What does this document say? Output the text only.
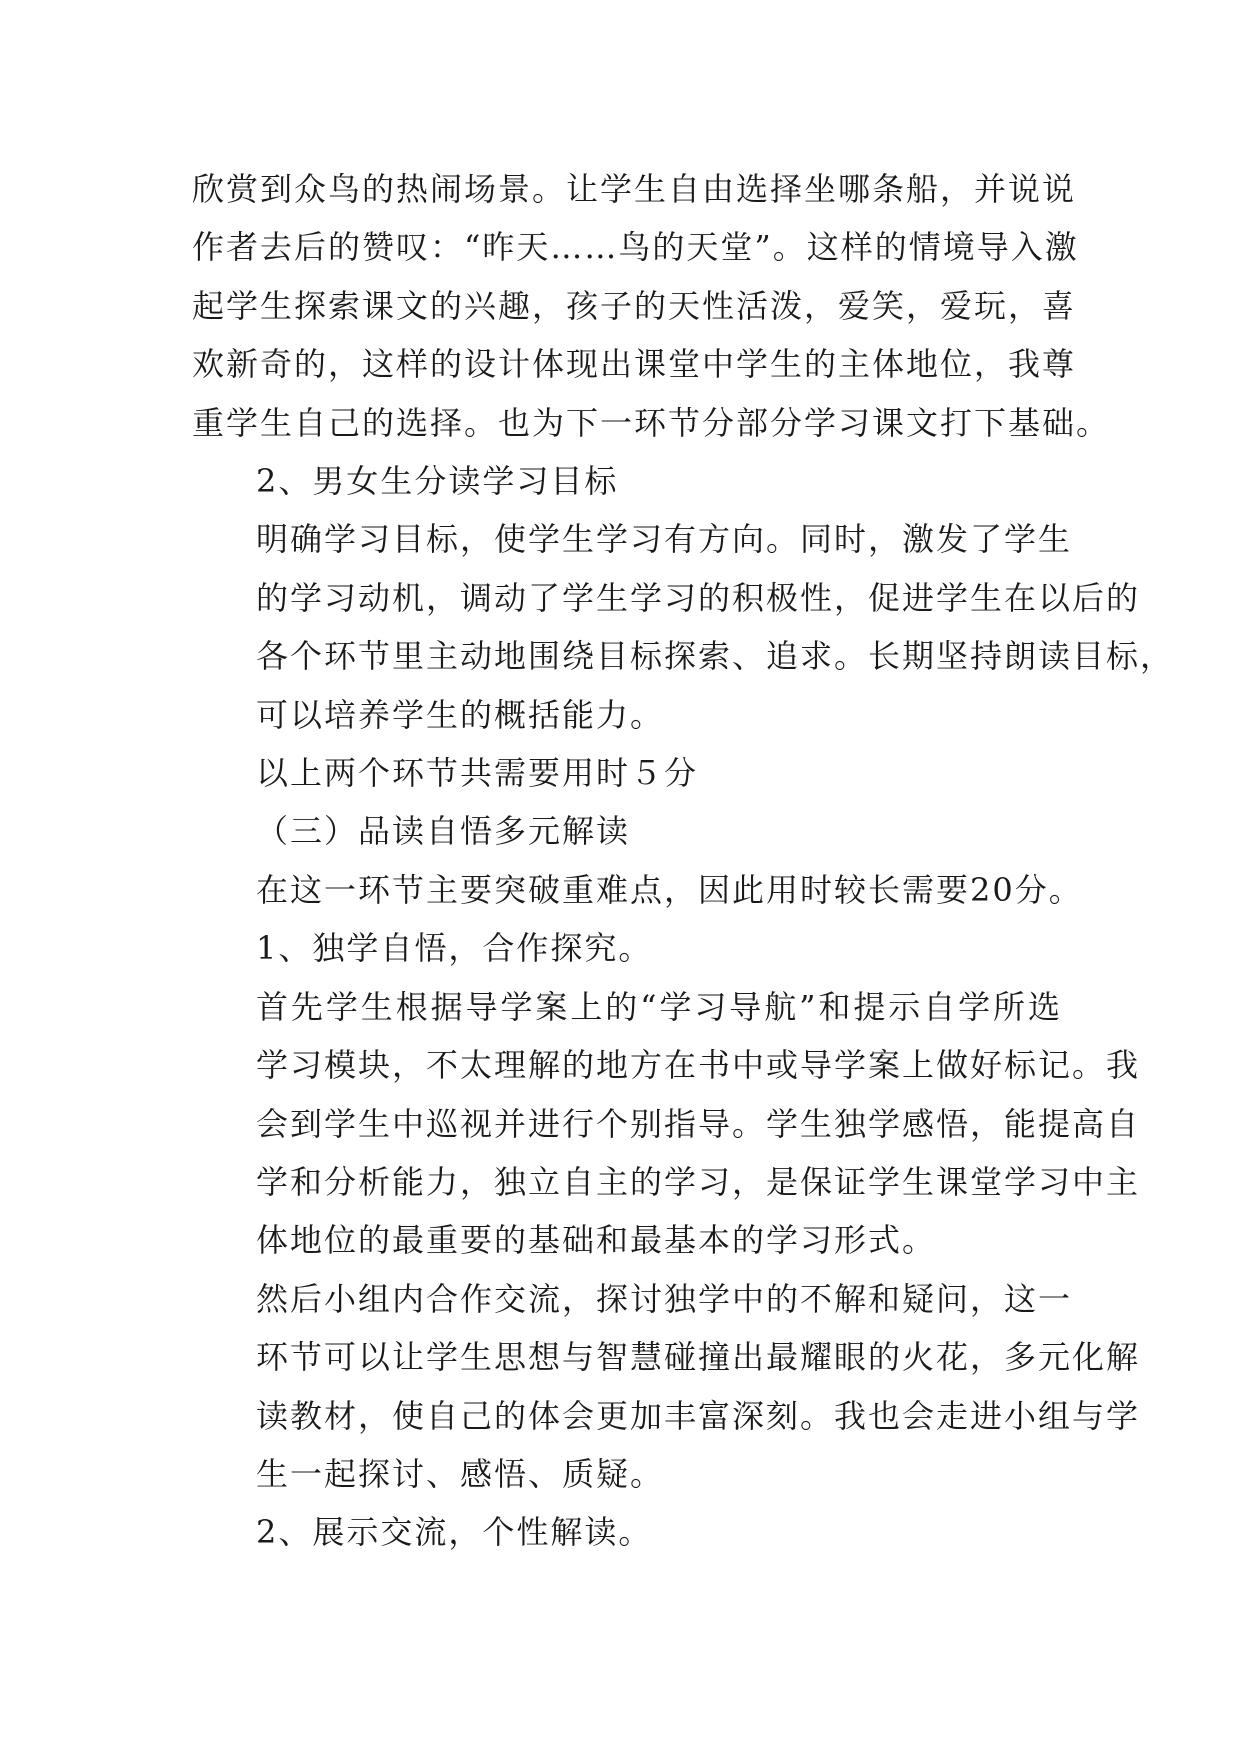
欣赏到众鸟的热闹场景。让学生自由选择坐哪条船，并说说
作者去后的赞叹：“昨天……鸟的天堂”。这样的情境导入激
起学生探索课文的兴趣，孩子的天性活泼，爱笑，爱玩，喜
欢新奇的，这样的设计体现出课堂中学生的主体地位，我尊
重学生自己的选择。也为下一环节分部分学习课文打下基础。

2、男女生分读学习目标

明确学习目标，使学生学习有方向。同时，激发了学生
的学习动机，调动了学生学习的积极性，促进学生在以后的
各个环节里主动地围绕目标探索、追求。长期坚持朗读目标，
可以培养学生的概括能力。

以上两个环节共需要用时５分

（三）品读自悟多元解读

在这一环节主要突破重难点，因此用时较长需要20分。

1、独学自悟，合作探究。

首先学生根据导学案上的“学习导航”和提示自学所选
学习模块，不太理解的地方在书中或导学案上做好标记。我
会到学生中巡视并进行个别指导。学生独学感悟，能提高自
学和分析能力，独立自主的学习，是保证学生课堂学习中主
体地位的最重要的基础和最基本的学习形式。

然后小组内合作交流，探讨独学中的不解和疑问，这一
环节可以让学生思想与智慧碰撞出最耀眼的火花，多元化解
读教材，使自己的体会更加丰富深刻。我也会走进小组与学
生一起探讨、感悟、质疑。

2、展示交流，个性解读。
